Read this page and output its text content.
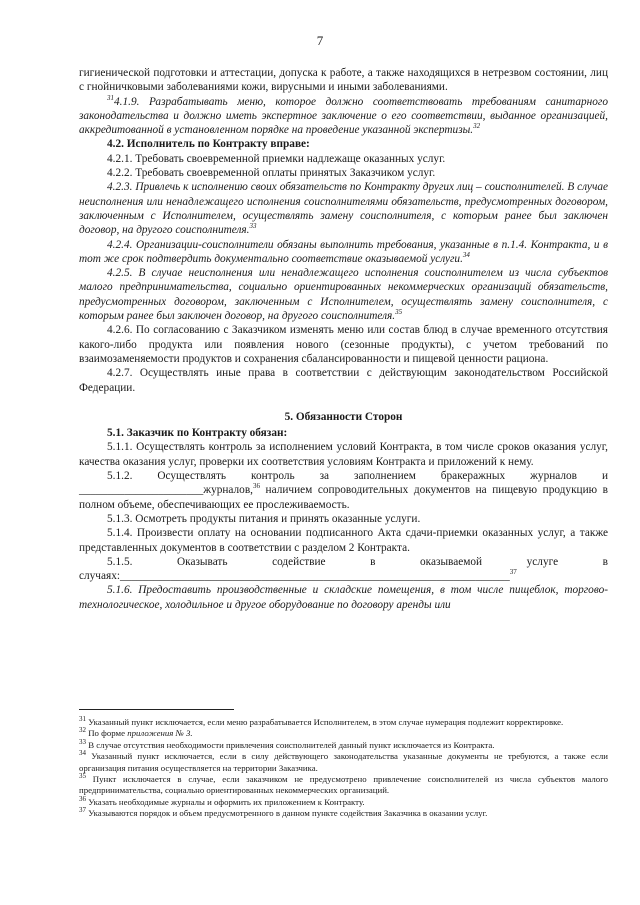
7

гигиенической подготовки и аттестации, допуска к работе, а также находящихся в нетрезвом состоянии, лиц с гнойничковыми заболеваниями кожи, вирусными и иными заболеваниями.

$^{31}$4.1.9. Разрабатывать меню, которое должно соответствовать требованиям санитарного законодательства и должно иметь экспертное заключение о его соответствии, выданное организацией, аккредитованной в установленном порядке на проведение указанной экспертизы.$^{32}$

4.2. Исполнитель по Контракту вправе:

4.2.1. Требовать своевременной приемки надлежаще оказанных услуг.

4.2.2. Требовать своевременной оплаты принятых Заказчиком услуг.

4.2.3. Привлечь к исполнению своих обязательств по Контракту других лиц – соисполнителей. В случае неисполнения или ненадлежащего исполнения соисполнителями обязательств, предусмотренных договором, заключенным с Исполнителем, осуществлять замену соисполнителя, с которым ранее был заключен договор, на другого соисполнителя.$^{33}$

4.2.4. Организации-соисполнители обязаны выполнить требования, указанные в п.1.4. Контракта, и в тот же срок подтвердить документально соответствие оказываемой услуги.$^{34}$

4.2.5. В случае неисполнения или ненадлежащего исполнения соисполнителем из числа субъектов малого предпринимательства, социально ориентированных некоммерческих организаций обязательств, предусмотренных договором, заключенным с Исполнителем, осуществлять замену соисполнителя, с которым ранее был заключен договор, на другого соисполнителя.$^{35}$

4.2.6. По согласованию с Заказчиком изменять меню или состав блюд в случае временного отсутствия какого-либо продукта или появления нового (сезонные продукты), с учетом требований по взаимозаменяемости продуктов и сохранения сбалансированности и пищевой ценности рациона.

4.2.7. Осуществлять иные права в соответствии с действующим законодательством Российской Федерации.

5. Обязанности Сторон

5.1. Заказчик по Контракту обязан:

5.1.1. Осуществлять контроль за исполнением условий Контракта, в том числе сроков оказания услуг, качества оказания услуг, проверки их соответствия условиям Контракта и приложений к нему.

5.1.2. Осуществлять контроль за заполнением бракеражных журналов и ______________________журналов,$^{36}$ наличием сопроводительных документов на пищевую продукцию в полном объеме, обеспечивающих ее прослеживаемость.

5.1.3. Осмотреть продукты питания и принять оказанные услуги.

5.1.4. Произвести оплату на основании подписанного Акта сдачи-приемки оказанных услуг, а также представленных документов в соответствии с разделом 2 Контракта.

5.1.5. Оказывать содействие в оказываемой услуге в случаях:_____________________________________________________________________$^{37}$

5.1.6. Предоставить производственные и складские помещения, в том числе пищеблок, торгово-технологическое, холодильное и другое оборудование по договору аренды или

$^{31}$ Указанный пункт исключается, если меню разрабатывается Исполнителем, в этом случае нумерация подлежит корректировке.
$^{32}$ По форме приложения № 3.
$^{33}$ В случае отсутствия необходимости привлечения соисполнителей данный пункт исключается из Контракта.
$^{34}$ Указанный пункт исключается, если в силу действующего законодательства указанные документы не требуются, а также если организация питания осуществляется на территории Заказчика.
$^{35}$ Пункт исключается в случае, если заказчиком не предусмотрено привлечение соисполнителей из числа субъектов малого предпринимательства, социально ориентированных некоммерческих организаций.
$^{36}$ Указать необходимые журналы и оформить их приложением к Контракту.
$^{37}$ Указываются порядок и объем предусмотренного в данном пункте содействия Заказчика в оказании услуг.
